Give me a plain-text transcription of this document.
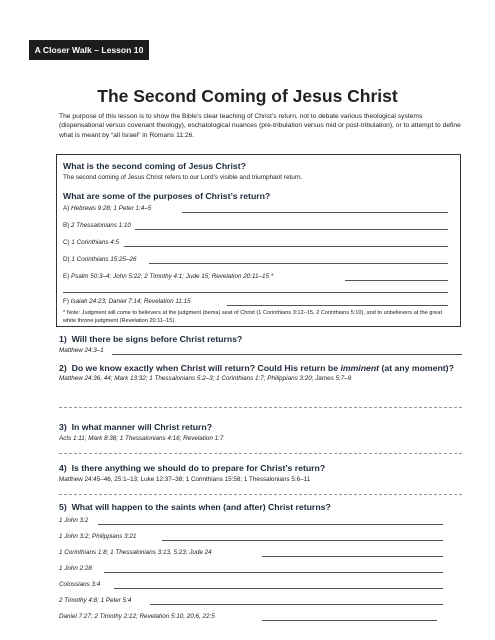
A Closer Walk – Lesson 10
The Second Coming of Jesus Christ
The purpose of this lesson is to show the Bible’s clear teaching of Christ’s return, not to debate various theological systems (dispensational versus covenant theology), eschatological nuances (pre-tribulation versus mid or post-tribulation), or to attempt to define what is meant by “all Israel” in Romans 11:26.
What is the second coming of Jesus Christ?
The second coming of Jesus Christ refers to our Lord’s visible and triumphant return.
What are some of the purposes of Christ’s return?
A) Hebrews 9:28; 1 Peter 1:4–5
B) 2 Thessalonians 1:10
C) 1 Corinthians 4:5
D) 1 Corinthians 15:25–26
E) Psalm 50:3–4; John 5:22; 2 Timothy 4:1; Jude 15; Revelation 20:11–15 *
F) Isaiah 24:23; Daniel 7:14; Revelation 11:15
* Note: Judgment will come to believers at the judgment (bema) seat of Christ (1 Corinthians 3:12–15, 2 Corinthians 5:10), and to unbelievers at the great white throne judgment (Revelation 20:11–15).
1) Will there be signs before Christ returns?
Matthew 24:3–1
2) Do we know exactly when Christ will return? Could His return be imminent (at any moment)?
Matthew 24:36, 44; Mark 13:32; 1 Thessalonians 5:2–3; 1 Corinthians 1:7; Philippians 3:20; James 5:7–9
3) In what manner will Christ return?
Acts 1:11; Mark 8:38; 1 Thessalonians 4:16; Revelation 1:7
4) Is there anything we should do to prepare for Christ’s return?
Matthew 24:45–46, 25:1–13; Luke 12:37–38; 1 Corinthians 15:58; 1 Thessalonians 5:6–11
5) What will happen to the saints when (and after) Christ returns?
1 John 3:2
1 John 3:2; Philippians 3:21
1 Corinthians 1:8; 1 Thessalonians 3:13, 5:23; Jude 24
1 John 2:28
Colossians 3:4
2 Timothy 4:8; 1 Peter 5:4
Daniel 7:27; 2 Timothy 2:12; Revelation 5:10, 20:6, 22:5
